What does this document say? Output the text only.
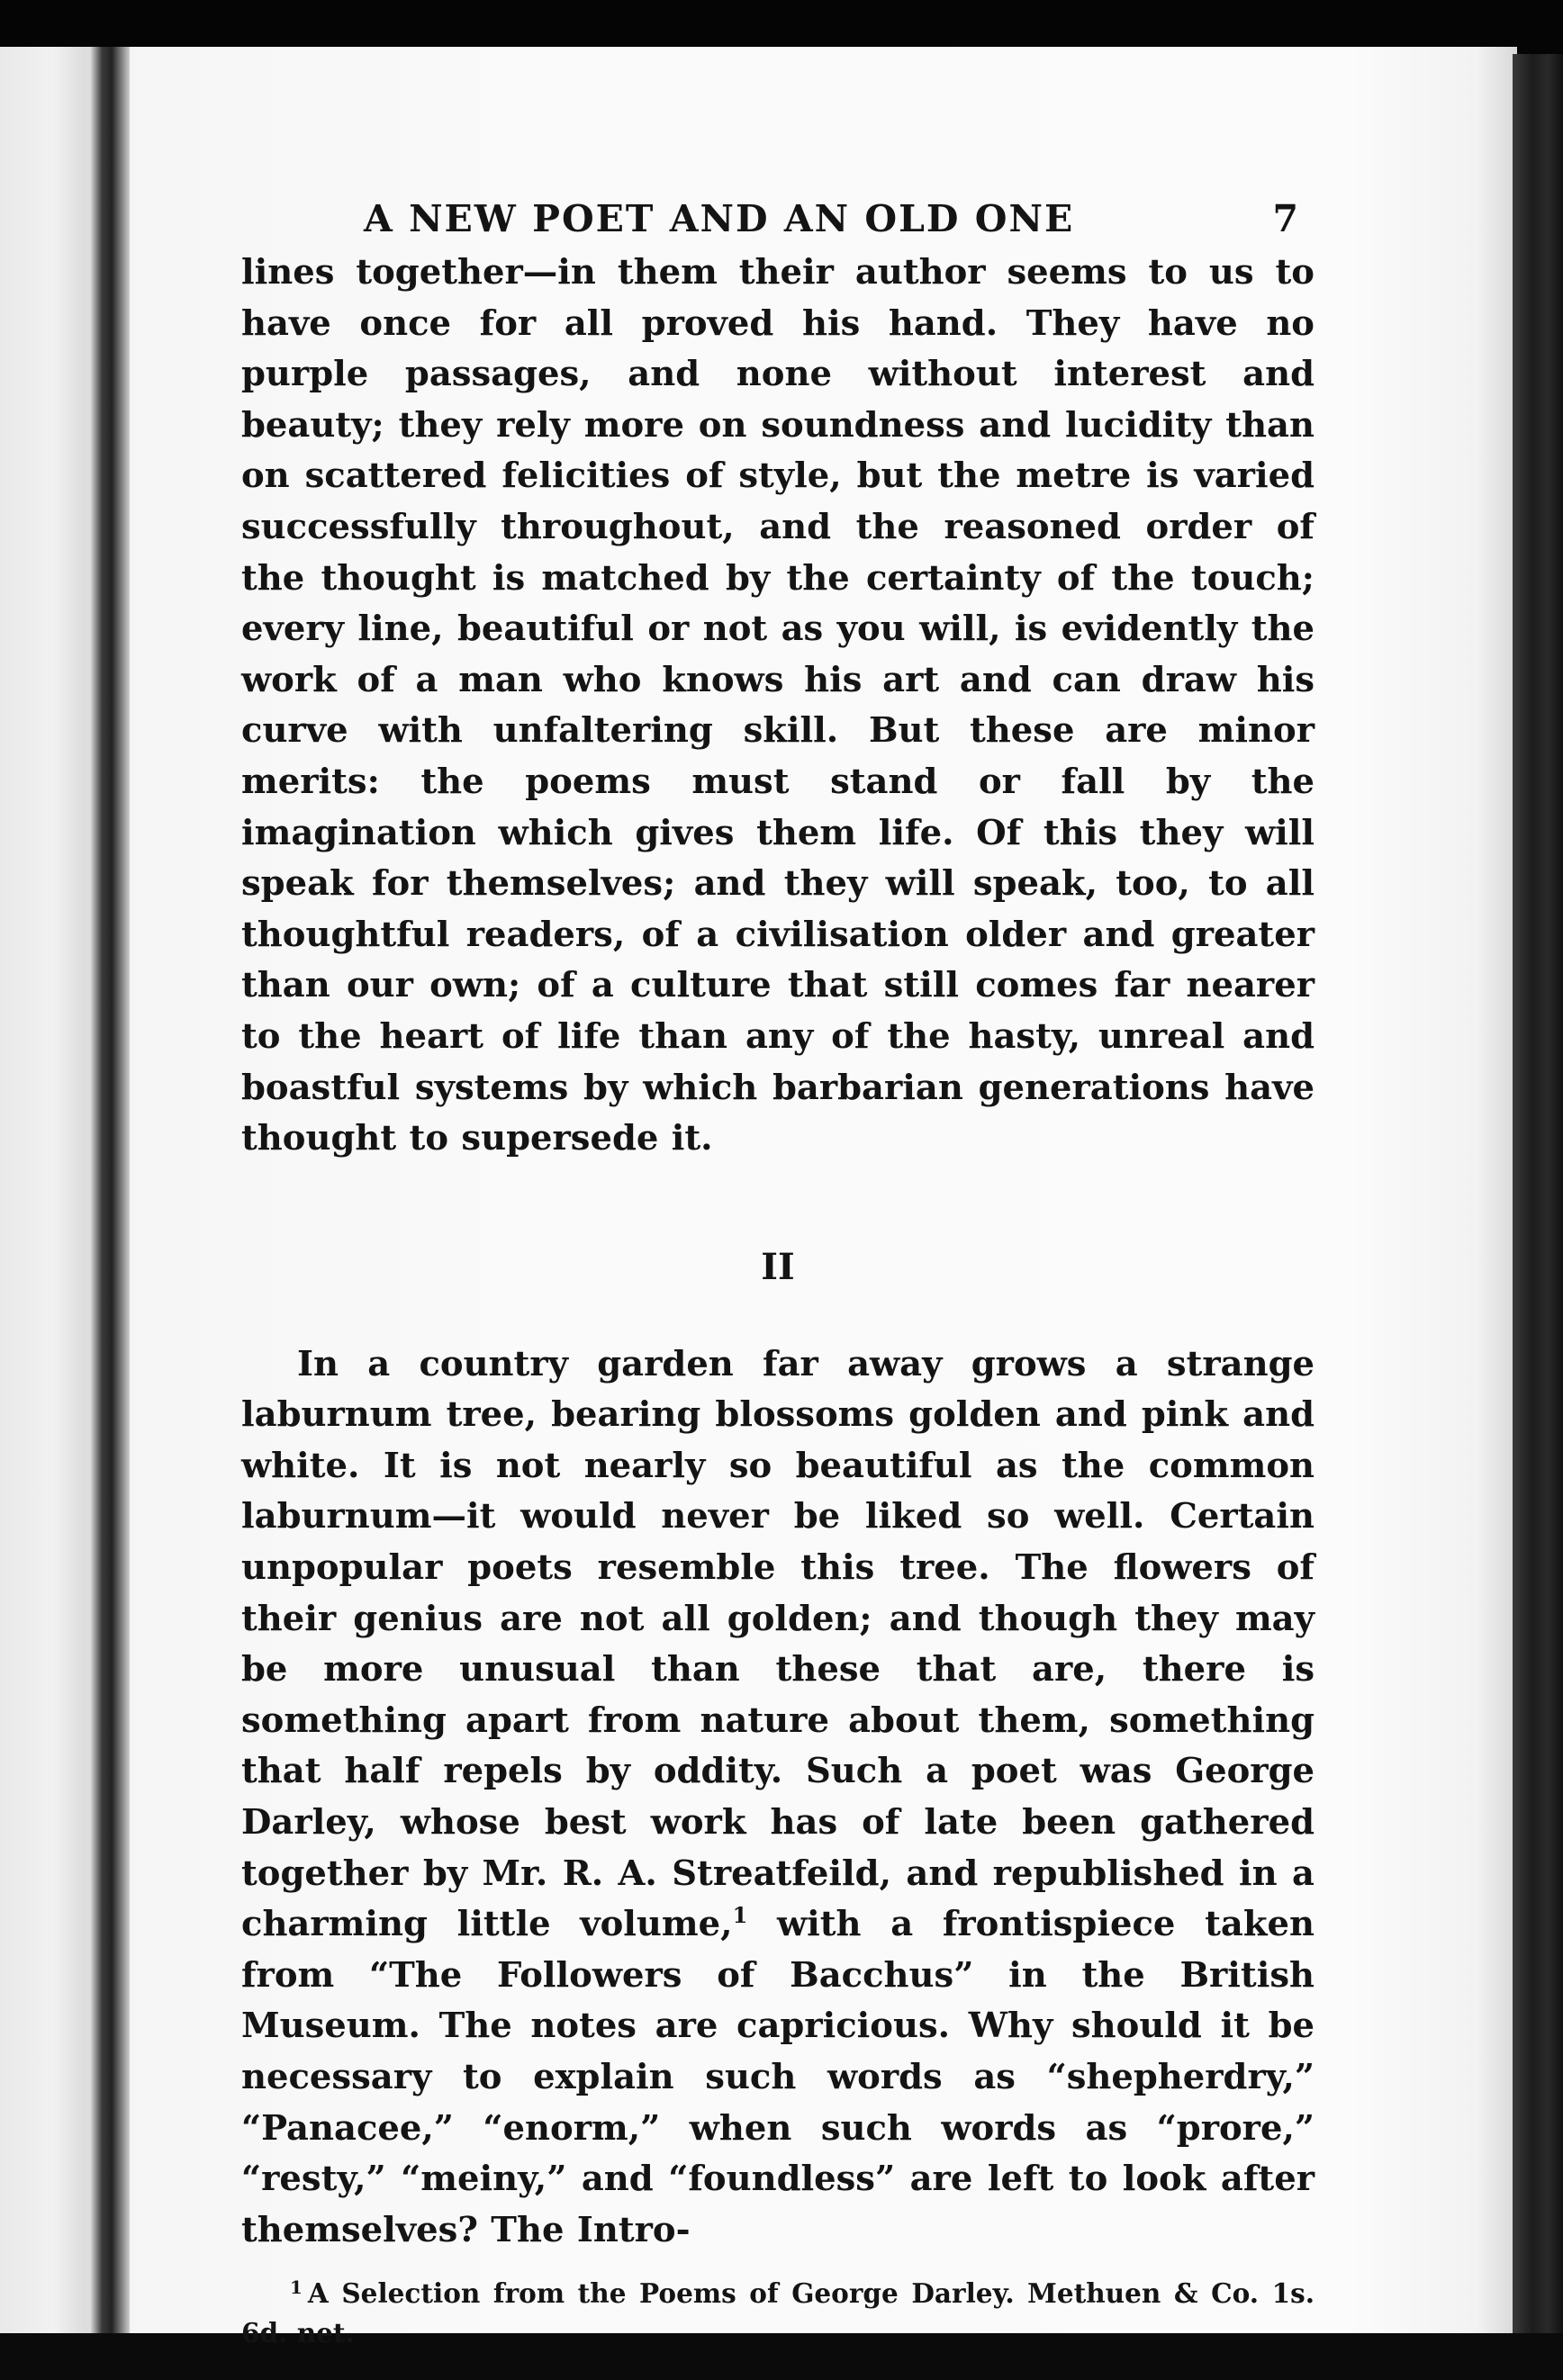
A NEW POET AND AN OLD ONE	7

lines together—in them their author seems to us to have once for all proved his hand. They have no purple passages, and none without interest and beauty; they rely more on soundness and lucidity than on scattered felicities of style, but the metre is varied successfully throughout, and the reasoned order of the thought is matched by the certainty of the touch; every line, beautiful or not as you will, is evidently the work of a man who knows his art and can draw his curve with unfaltering skill. But these are minor merits: the poems must stand or fall by the imagination which gives them life. Of this they will speak for themselves; and they will speak, too, to all thoughtful readers, of a civilisation older and greater than our own; of a culture that still comes far nearer to the heart of life than any of the hasty, unreal and boastful systems by which barbarian generations have thought to supersede it.

II

In a country garden far away grows a strange laburnum tree, bearing blossoms golden and pink and white. It is not nearly so beautiful as the common laburnum—it would never be liked so well. Certain unpopular poets resemble this tree. The flowers of their genius are not all golden; and though they may be more unusual than these that are, there is something apart from nature about them, something that half repels by oddity. Such a poet was George Darley, whose best work has of late been gathered together by Mr. R. A. Streatfeild, and republished in a charming little volume,$^1$ with a frontispiece taken from “The Followers of Bacchus” in the British Museum. The notes are capricious. Why should it be necessary to explain such words as “shepherdry,” “Panacee,” “enorm,” when such words as “prore,” “resty,” “meiny,” and “foundless” are left to look after themselves? The Intro-

$^1$ A Selection from the Poems of George Darley. Methuen & Co. 1s. 6d. net.
